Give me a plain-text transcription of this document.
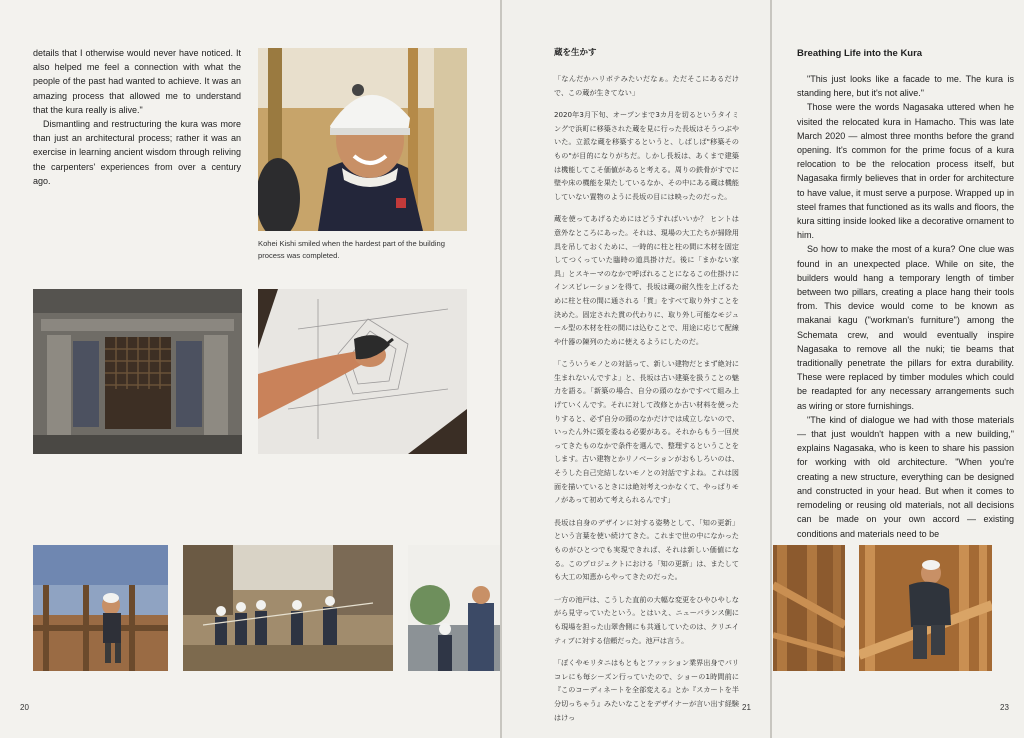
details that I otherwise would never have noticed. It also helped me feel a connection with what the people of the past had wanted to achieve. It was an amazing process that allowed me to understand that the kura really is alive."

Dismantling and restructuring the kura was more than just an architectural process; rather it was an exercise in learning ancient wisdom through reliving the carpenters' experiences from over a century ago.

Kohei Kishi smiled when the hardest part of the building process was completed.
20
蔵を生かす

「なんだかハリボテみたいだなぁ。ただそこにあるだけで、この蔵が生きてない」

2020年3月下旬、オープンまで3カ月を切るというタイミングで浜町に移築された蔵を見に行った長坂はそうつぶやいた。立派な蔵を移築するというと、しばしば"移築そのもの"が目的になりがちだ。しかし長坂は、あくまで建築は機能してこそ価値があると考える。周りの鉄骨がすでに壁や床の機能を果たしているなか、その中にある蔵は機能していない置物のように長坂の目には映ったのだった。

蔵を使ってあげるためにはどうすればいいか？ ヒントは意外なところにあった。それは、現場の大工たちが掃除用具を吊しておくために、一時的に柱と柱の間に木材を固定してつくっていた臨時の道具掛けだ。後に「まかない家具」とスキーマのなかで呼ばれることになるこの仕掛けにインスピレーションを得て、長坂は蔵の耐久性を上げるために柱と柱の間に通される「貫」をすべて取り外すことを決めた。固定された貫の代わりに、取り外し可能なモジュール型の木材を柱の間には込むことで、用途に応じて配線や什器の陳列のために使えるようにしたのだ。

「こういうモノとの対話って、新しい建物だとまず絶対に生まれないんですよ」と、長坂は古い建築を扱うことの魅力を語る。「新築の場合、自分の頭のなかですべて組み上げていくんです。それに対して改修とか古い材料を使ったりすると、必ず自分の頭のなかだけでは成立しないので、いったん外に頭を委ねる必要がある。それからもう一回戻ってきたものなかで条件を選んで、整理するということをします。古い建物とかリノベーションがおもしろいのは、そうした自己完結しないモノとの対話ですよね。これは図面を描いているときには絶対考えつかなくて、やっぱりモノがあって初めて考えられるんです」

長坂は自身のデザインに対する姿勢として、「知の更新」という言葉を使い続けてきた。これまで世の中になかったものがひとつでも実現できれば、それは新しい価値になる。このプロジェクトにおける「知の更新」は、またしても大工の知恵からやってきたのだった。

一方の池戸は、こうした直前の大幅な変更をひやひやしながら見守っていたという。とはいえ、ニューバランス側にも現場を担った山翠舎側にも共通していたのは、クリエイティブに対する信頼だった。池戸は言う。

「ぼくやモリタニはもともとファッション業界出身でパリコレにも毎シーズン行っていたので、ショーの1時間前に『このコーディネートを全部変える』とか『スカートを半分切っちゃう』みたいなことをデザイナーが言い出す経験はけっ

21
Breathing Life into the Kura

"This just looks like a facade to me. The kura is standing here, but it's not alive."

Those were the words Nagasaka uttered when he visited the relocated kura in Hamacho. This was late March 2020 — almost three months before the grand opening. It's common for the prime focus of a kura relocation to be the relocation process itself, but Nagasaka firmly believes that in order for architecture to have value, it must serve a purpose. Wrapped up in steel frames that functioned as its walls and floors, the kura sitting inside looked like a decorative ornament to him.

So how to make the most of a kura? One clue was found in an unexpected place. While on site, the builders would hang a temporary length of timber between two pillars, creating a place hang their tools from. This device would come to be known as makanai kagu ("workman's furniture") among the Schemata crew, and would eventually inspire Nagasaka to remove all the nuki; tie beams that traditionally penetrate the pillars for extra durability. These were replaced by timber modules which could be readapted for any necessary arrangements such as wiring or store furnishings.

"The kind of dialogue we had with those materials — that just wouldn't happen with a new building," explains Nagasaka, who is keen to share his passion for working with old architecture. "When you're creating a new structure, everything can be designed and constructed in your head. But when it comes to remodeling or reusing old materials, not all decisions can be made on your own accord — existing conditions and materials need to be

23
